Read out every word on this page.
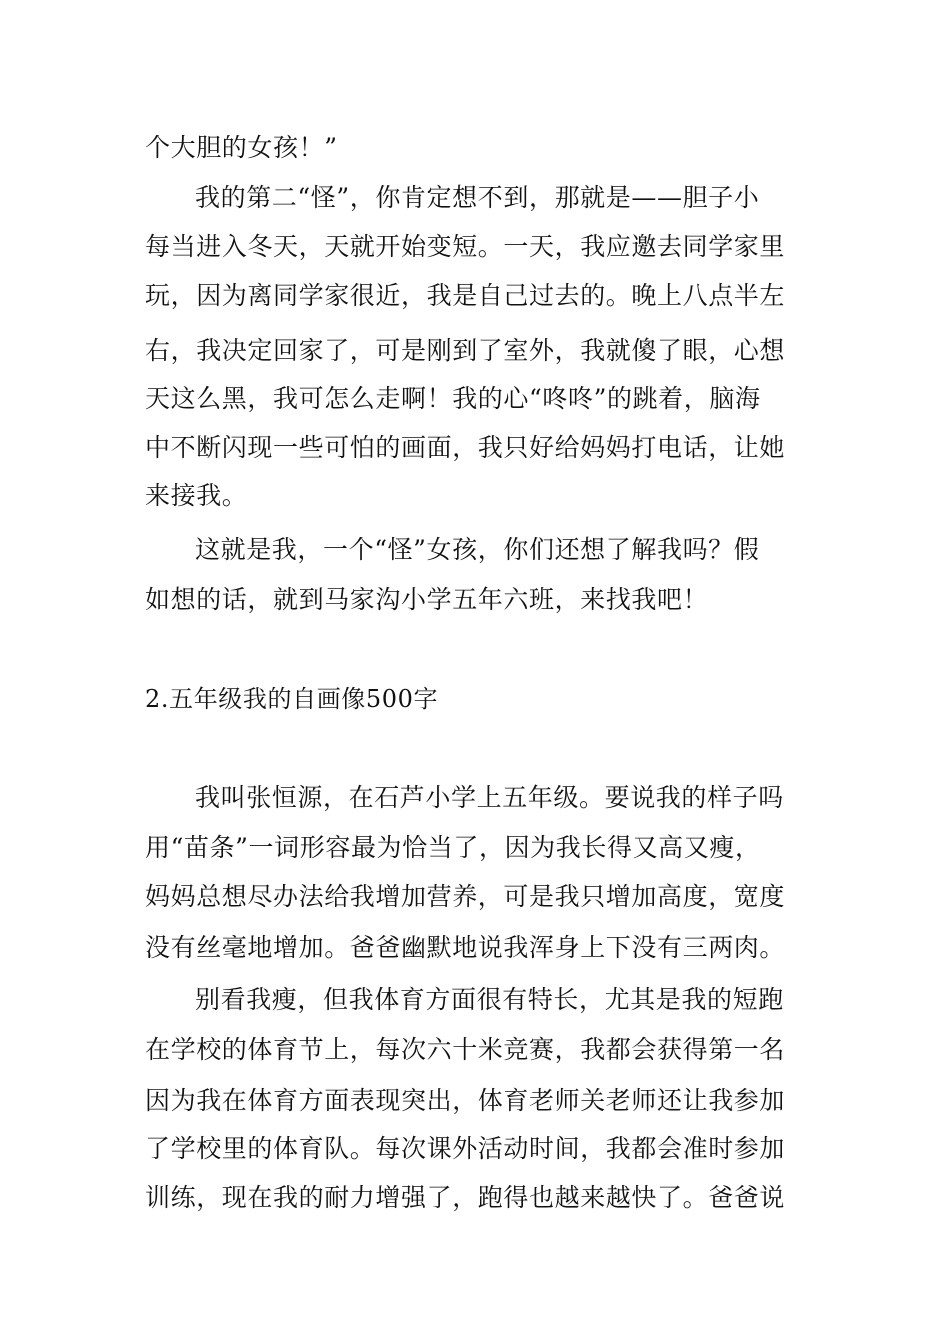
个大胆的女孩！”
我的第二“怪”，你肯定想不到，那就是——胆子小
每当进入冬天，天就开始变短。一天，我应邀去同学家里
玩，因为离同学家很近，我是自己过去的。晚上八点半左
右，我决定回家了，可是刚到了室外，我就傻了眼，心想
天这么黑，我可怎么走啊！我的心“咚咚”的跳着，脑海
中不断闪现一些可怕的画面，我只好给妈妈打电话，让她
来接我。
这就是我，一个“怪”女孩，你们还想了解我吗？假
如想的话，就到马家沟小学五年六班，来找我吧！
2.五年级我的自画像500字
我叫张恒源，在石芦小学上五年级。要说我的样子吗
用“苗条”一词形容最为恰当了，因为我长得又高又瘦，
妈妈总想尽办法给我增加营养，可是我只增加高度，宽度
没有丝毫地增加。爸爸幽默地说我浑身上下没有三两肉。
别看我瘦，但我体育方面很有特长，尤其是我的短跑
在学校的体育节上，每次六十米竞赛，我都会获得第一名
因为我在体育方面表现突出，体育老师关老师还让我参加
了学校里的体育队。每次课外活动时间，我都会准时参加
训练，现在我的耐力增强了，跑得也越来越快了。爸爸说
